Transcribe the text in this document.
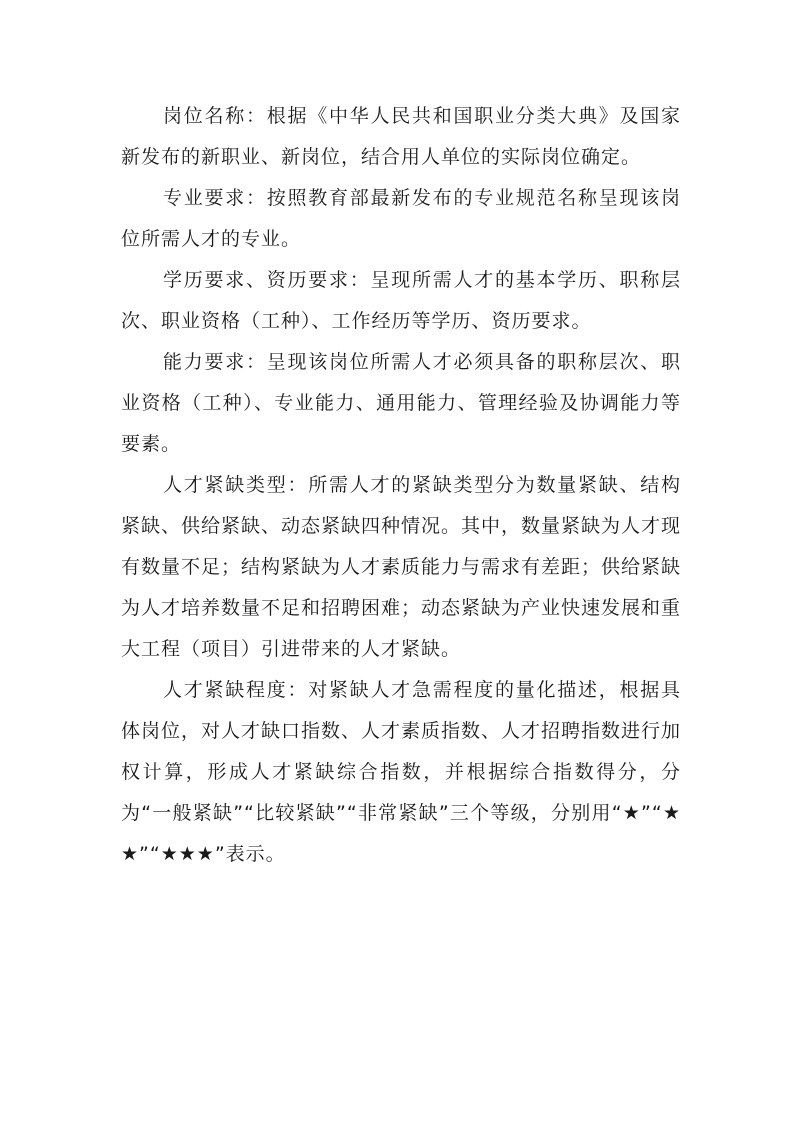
岗位名称：根据《中华人民共和国职业分类大典》及国家新发布的新职业、新岗位，结合用人单位的实际岗位确定。

专业要求：按照教育部最新发布的专业规范名称呈现该岗位所需人才的专业。

学历要求、资历要求：呈现所需人才的基本学历、职称层次、职业资格（工种）、工作经历等学历、资历要求。

能力要求：呈现该岗位所需人才必须具备的职称层次、职业资格（工种）、专业能力、通用能力、管理经验及协调能力等要素。

人才紧缺类型：所需人才的紧缺类型分为数量紧缺、结构紧缺、供给紧缺、动态紧缺四种情况。其中，数量紧缺为人才现有数量不足；结构紧缺为人才素质能力与需求有差距；供给紧缺为人才培养数量不足和招聘困难；动态紧缺为产业快速发展和重大工程（项目）引进带来的人才紧缺。

人才紧缺程度：对紧缺人才急需程度的量化描述，根据具体岗位，对人才缺口指数、人才素质指数、人才招聘指数进行加权计算，形成人才紧缺综合指数，并根据综合指数得分，分为“一般紧缺”“比较紧缺”“非常紧缺”三个等级，分别用“★”“★★”“★★★”表示。
